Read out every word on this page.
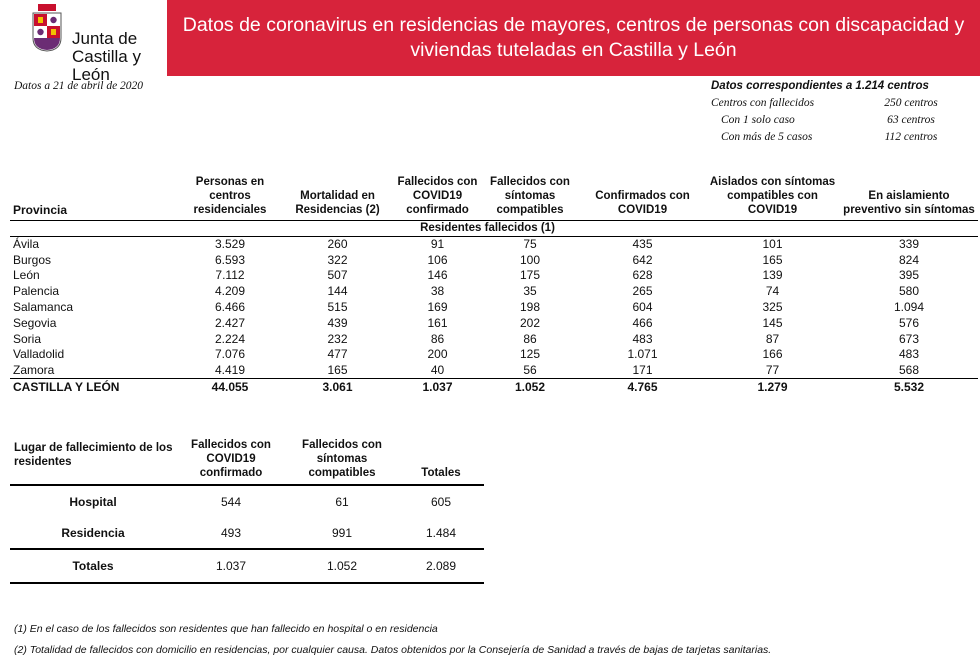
Junta de
Castilla y León
Datos de coronavirus en residencias de mayores, centros de personas con discapacidad y viviendas tuteladas en Castilla y León
Datos a 21 de abril de 2020	Datos correspondientes a 1.214 centros
Centros con fallecidos	250 centros
Con 1 solo caso	63 centros
Con más de 5 casos	112 centros
Provincia	Personas en centros residenciales	Mortalidad en Residencias (2)	Fallecidos con COVID19 confirmado	Fallecidos con síntomas compatibles	Confirmados con COVID19	Aislados con síntomas compatibles con COVID19	En aislamiento preventivo sin síntomas
			Residentes fallecidos (1)				
Ávila	3.529	260	91	75	435	101	339
Burgos	6.593	322	106	100	642	165	824
León	7.112	507	146	175	628	139	395
Palencia	4.209	144	38	35	265	74	580
Salamanca	6.466	515	169	198	604	325	1.094
Segovia	2.427	439	161	202	466	145	576
Soria	2.224	232	86	86	483	87	673
Valladolid	7.076	477	200	125	1.071	166	483
Zamora	4.419	165	40	56	171	77	568
CASTILLA Y LEÓN	44.055	3.061	1.037	1.052	4.765	1.279	5.532
Lugar de fallecimiento de los residentes	Fallecidos con COVID19 confirmado	Fallecidos con síntomas compatibles	Totales
Hospital	544	61	605
Residencia	493	991	1.484
Totales	1.037	1.052	2.089
(1) En el caso de los fallecidos son residentes que han fallecido en hospital o en residencia
(2) Totalidad de fallecidos con domicilio en residencias, por cualquier causa. Datos obtenidos por la Consejería de Sanidad a través de bajas de tarjetas sanitarias.
